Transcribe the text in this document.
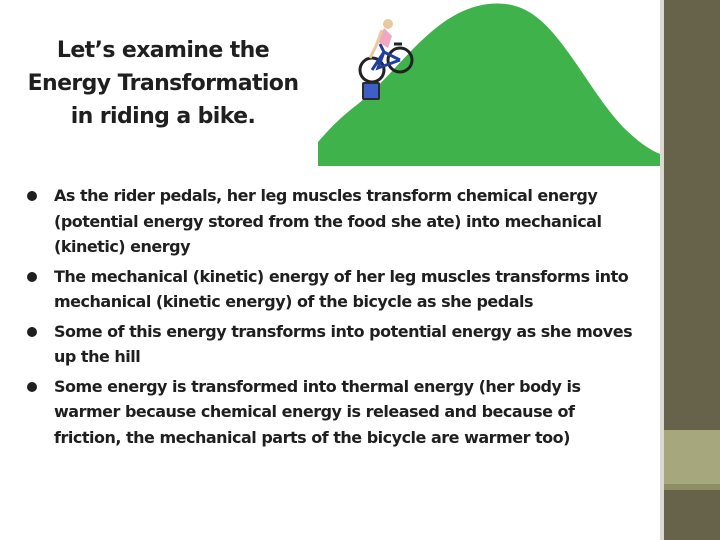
Let’s examine the
Energy Transformation
in riding a bike.
As the rider pedals, her leg muscles transform chemical energy (potential energy stored from the food she ate) into mechanical (kinetic) energy
The mechanical (kinetic) energy of her leg muscles transforms into mechanical (kinetic energy) of the bicycle as she pedals
Some of this energy transforms into potential energy as she moves up the hill
Some energy is transformed into thermal energy (her body is warmer because chemical energy is released and because of friction, the mechanical parts of the bicycle are warmer too)
